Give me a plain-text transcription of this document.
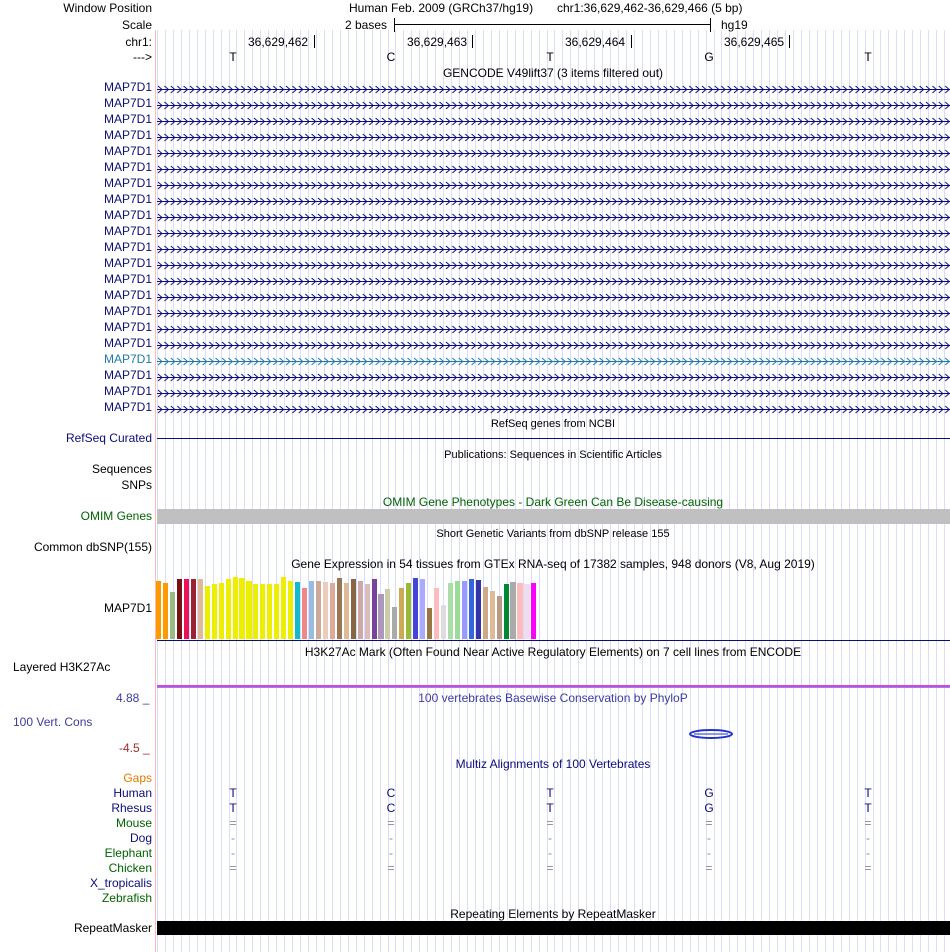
Window Position
Scale
chr1:
--->
Human Feb. 2009 (GRCh37/hg19) chr1:36,629,462-36,629,466 (5 bp)
2 bases	hg19
36,629,462	36,629,463	36,629,464	36,629,465
T	C	T	G	T
GENCODE V49lift37 (3 items filtered out)
MAP7D1
MAP7D1
MAP7D1
MAP7D1
MAP7D1
MAP7D1
MAP7D1
MAP7D1
MAP7D1
MAP7D1
MAP7D1
MAP7D1
MAP7D1
MAP7D1
MAP7D1
MAP7D1
MAP7D1
MAP7D1
MAP7D1
MAP7D1
MAP7D1
RefSeq genes from NCBI
RefSeq Curated
Publications: Sequences in Scientific Articles
Sequences
SNPs
OMIM Gene Phenotypes - Dark Green Can Be Disease-causing
OMIM Genes
Short Genetic Variants from dbSNP release 155
Common dbSNP(155)
Gene Expression in 54 tissues from GTEx RNA-seq of 17382 samples, 948 donors (V8, Aug 2019)
MAP7D1
H3K27Ac Mark (Often Found Near Active Regulatory Elements) on 7 cell lines from ENCODE
Layered H3K27Ac
4.88 _	100 vertebrates Basewise Conservation by PhyloP
100 Vert. Cons
-4.5 _
Multiz Alignments of 100 Vertebrates
Gaps
Human	T	C	T	G	T
Rhesus	T	C	T	G	T
Mouse	=	=	=	=	=
Dog	-	-	-	-	-
Elephant	-	-	-	-	-
Chicken	=	=	=	=	=
X_tropicalis
Zebrafish
Repeating Elements by RepeatMasker
RepeatMasker
